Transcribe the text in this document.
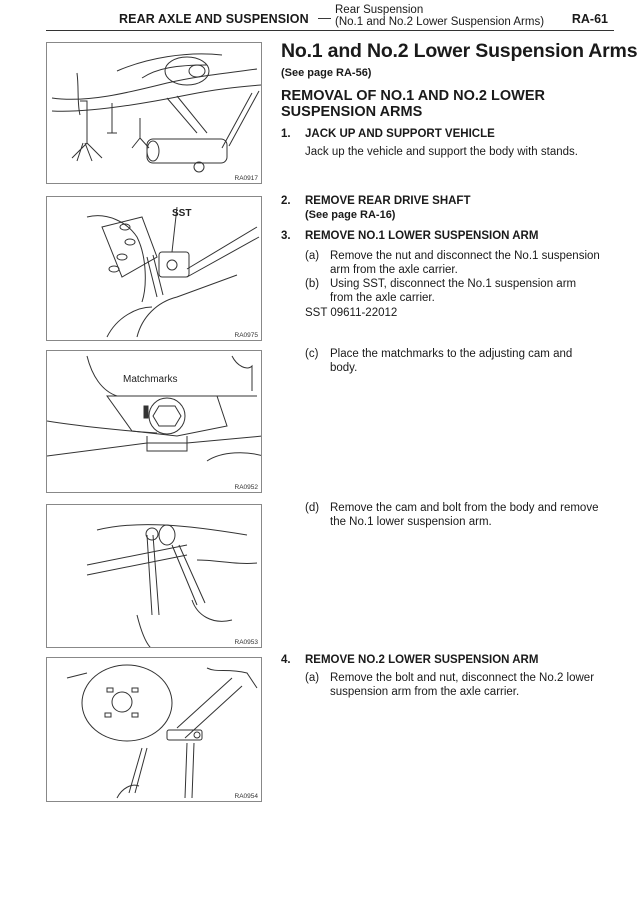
REAR AXLE AND SUSPENSION — Rear Suspension
(No.1 and No.2 Lower Suspension Arms) RA-61
RA0917
SST
RA0975
Matchmarks
RA0952
RA0953
RA0954
No.1 and No.2 Lower Suspension Arms
(See page RA-56)
REMOVAL OF NO.1 AND NO.2 LOWER SUSPENSION ARMS
1. JACK UP AND SUPPORT VEHICLE
Jack up the vehicle and support the body with stands.
2. REMOVE REAR DRIVE SHAFT
(See page RA-16)
3. REMOVE NO.1 LOWER SUSPENSION ARM
(a) Remove the nut and disconnect the No.1 suspension arm from the axle carrier.
(b) Using SST, disconnect the No.1 suspension arm from the axle carrier.
SST 09611-22012
(c) Place the matchmarks to the adjusting cam and body.
(d) Remove the cam and bolt from the body and remove the No.1 lower suspension arm.
4. REMOVE NO.2 LOWER SUSPENSION ARM
(a) Remove the bolt and nut, disconnect the No.2 lower suspension arm from the axle carrier.
